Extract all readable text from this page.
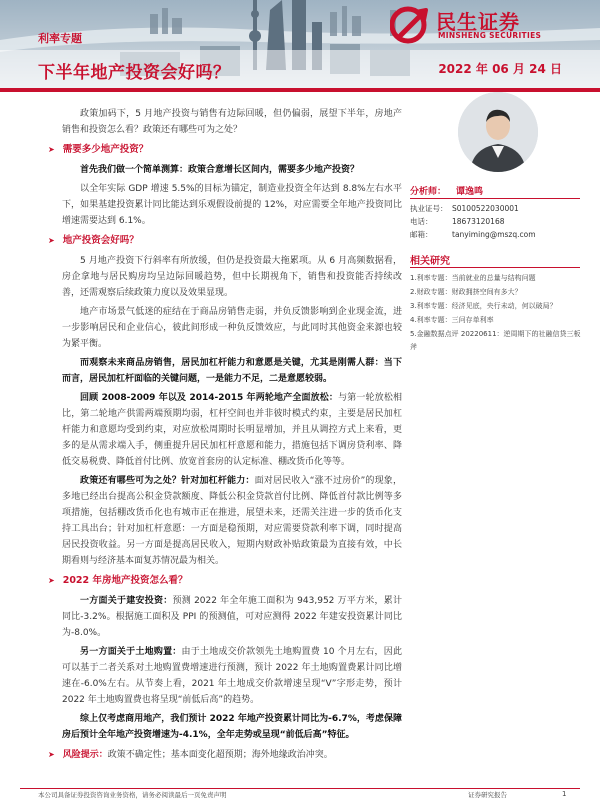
民生证券
MINSHENG SECURITIES
利率专题
下半年地产投资会好吗？	2022 年 06 月 24 日

政策加码下，5 月地产投资与销售有边际回暖，但仍偏弱，展望下半年，房地产销售和投资怎么看？政策还有哪些可为之处？

➤ 需要多少地产投资？

首先我们做一个简单测算：政策合意增长区间内，需要多少地产投资？

以全年实际 GDP 增速 5.5%的目标为锚定，制造业投资全年达到 8.8%左右水平下，如果基建投资累计同比能达到乐观假设前提的 12%，对应需要全年地产投资同比增速需要达到 6.1%。

➤ 地产投资会好吗？

5 月地产投资下行斜率有所放缓，但仍是投资最大拖累项。从 6 月高频数据看，房企拿地与居民购房均呈边际回暖趋势，但中长期视角下，销售和投资能否持续改善，还需观察后续政策力度以及效果显现。

地产市场景气低迷的症结在于商品房销售走弱，并负反馈影响到企业现金流，进一步影响居民和企业信心，彼此间形成一种负反馈效应，与此同时其他资金来源也较为紧平衡。

而观察未来商品房销售，居民加杠杆能力和意愿是关键，尤其是刚需人群：当下而言，居民加杠杆面临的关键问题，一是能力不足，二是意愿较弱。

回顾 2008-2009 年以及 2014-2015 年两轮地产全面放松：与第一轮放松相比，第二轮地产供需两端预期均弱，杠杆空间也并非彼时模式约束，主要是居民加杠杆能力和意愿均受到约束，对应放松周期时长明显增加，并且从调控方式上来看，更多的是从需求端入手，侧重提升居民加杠杆意愿和能力，措施包括下调房贷利率、降低交易税费、降低首付比例、放宽首套房的认定标准、棚改货币化等等。

政策还有哪些可为之处？针对加杠杆能力：面对居民收入“涨不过房价”的现象，多地已经出台提高公积金贷款额度、降低公积金贷款首付比例、降低首付款比例等多项措施，包括棚改货币化也有城市正在推进，展望未来，还需关注进一步的货币化支持工具出台；针对加杠杆意愿：一方面是稳预期，对应需要贷款利率下调，同时提高居民投资收益。另一方面是提高居民收入，短期内财政补贴政策最为直接有效，中长期看则与经济基本面复苏情况最为相关。

➤ 2022 年房地产投资怎么看？

一方面关于建安投资：预测 2022 年全年施工面积为 943,952 万平方米，累计同比-3.2%。根据施工面积及 PPI 的预测值，可对应测得 2022 年建安投资累计同比为-8.0%。

另一方面关于土地购置：由于土地成交价款领先土地购置费 10 个月左右，因此可以基于二者关系对土地购置费增速进行预测，预计 2022 年土地购置费累计同比增速在-6.0%左右。从节奏上看，2021 年土地成交价款增速呈现“V”字形走势，预计 2022 年土地购置费也将呈现“前低后高”的趋势。

综上仅考虑商用地产，我们预计 2022 年地产投资累计同比为-6.7%，考虑保障房后预计全年地产投资增速为-4.1%，全年走势或呈现“前低后高”特征。

➤ 风险提示： 政策不确定性；基本面变化超预期；海外地缘政治冲突。
分析师： 谭逸鸣
执业证号： S0100522030001
电话：	18673120168
邮箱：	tanyiming@mszq.com
相关研究
1.利率专题：当前就业的总量与结构问题
2.财政专题：财政拥挤空间有多大？
3.利率专题：经济见底，央行未动，何以破局？
4.利率专题：三问存单利率
5.金融数据点评 20220611：逆周期下的社融信贷三板斧
本公司具备证券投资咨询业务资格，请务必阅读最后一页免责声明	证券研究报告	1
